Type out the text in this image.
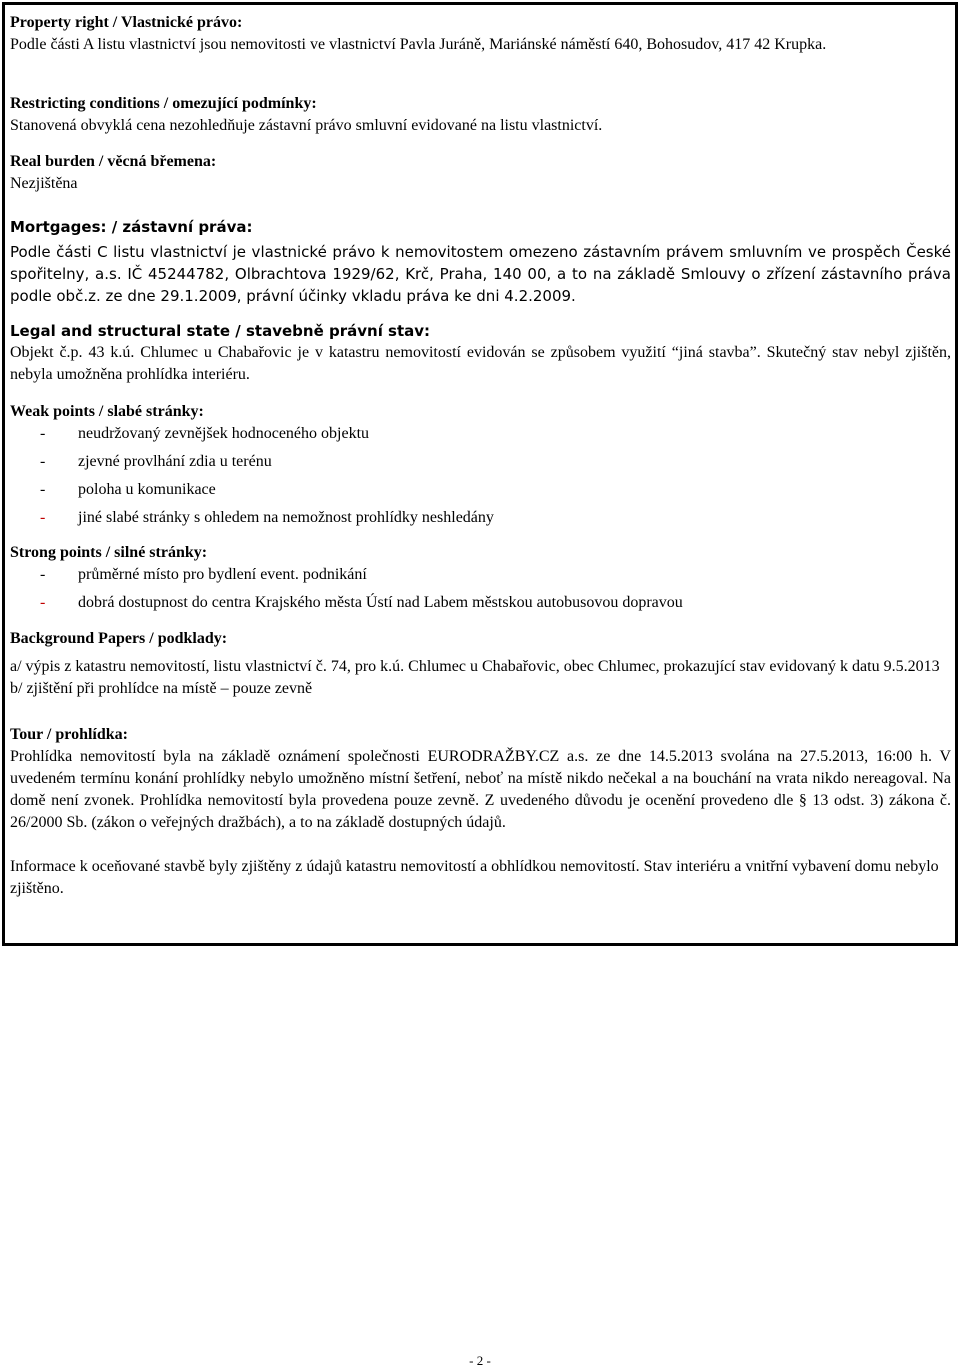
Property right / Vlastnické právo:
Podle části A listu vlastnictví jsou nemovitosti ve vlastnictví Pavla Juráně, Mariánské náměstí 640, Bohosudov, 417 42 Krupka.
Restricting conditions / omezující podmínky:
Stanovená obvyklá cena nezohledňuje zástavní právo smluvní evidované na listu vlastnictví.
Real burden / věcná břemena:
Nezjištěna
Mortgages: / zástavní práva:
Podle části C listu vlastnictví je vlastnické právo k nemovitostem omezeno zástavním právem smluvním ve prospěch České spořitelny, a.s. IČ 45244782, Olbrachtova 1929/62, Krč, Praha, 140 00, a to na základě Smlouvy o zřízení zástavního práva podle obč.z. ze dne 29.1.2009, právní účinky vkladu práva ke dni 4.2.2009.
Legal and structural state / stavebně právní stav:
Objekt č.p. 43 k.ú. Chlumec u Chabařovic je v katastru nemovitostí evidován se způsobem využití “jiná stavba”. Skutečný stav nebyl zjištěn, nebyla umožněna prohlídka interiéru.
Weak points / slabé stránky:
- neudržovaný zevnějšek hodnoceného objektu
- zjevné provlhání zdia u terénu
- poloha u komunikace
- jiné slabé stránky s ohledem na nemožnost prohlídky neshledány
Strong points / silné stránky:
- průměrné místo pro bydlení event. podnikání
- dobrá dostupnost do centra Krajského města Ústí nad Labem městskou autobusovou dopravou
Background Papers / podklady:
a/ výpis z katastru nemovitostí, listu vlastnictví č. 74, pro k.ú. Chlumec u Chabařovic, obec Chlumec, prokazující stav evidovaný k datu 9.5.2013
b/ zjištění při prohlídce na místě – pouze zevně
Tour / prohlídka:
Prohlídka nemovitostí byla na základě oznámení společnosti EURODRAŽBY.CZ a.s. ze dne 14.5.2013 svolána na 27.5.2013, 16:00 h. V uvedeném termínu konání prohlídky nebylo umožněno místní šetření, neboť na místě nikdo nečekal a na bouchání na vrata nikdo nereagoval. Na domě není zvonek. Prohlídka nemovitostí byla provedena pouze zevně. Z uvedeného důvodu je ocenění provedeno dle § 13 odst. 3) zákona č. 26/2000 Sb. (zákon o veřejných dražbách), a to na základě dostupných údajů.
Informace k oceňované stavbě byly zjištěny z údajů katastru nemovitostí a obhlídkou nemovitostí. Stav interiéru a vnitřní vybavení domu nebylo zjištěno.
- 2 -
